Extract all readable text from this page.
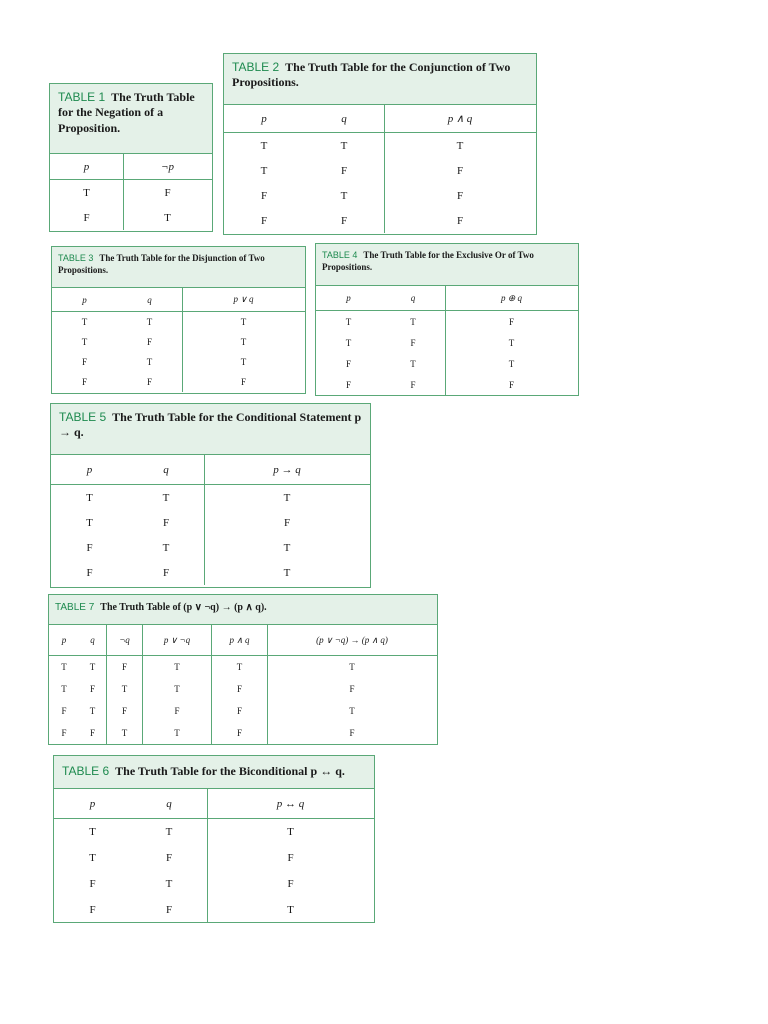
TABLE 1 The Truth Table for the Negation of a Proposition.
p	¬p
T	F
F	T
TABLE 2 The Truth Table for the Conjunction of Two Propositions.
p	q	p ∧ q
T	T	T
T	F	F
F	T	F
F	F	F
TABLE 3 The Truth Table for the Disjunction of Two Propositions.
p	q	p ∨ q
T	T	T
T	F	T
F	T	T
F	F	F
TABLE 4 The Truth Table for the Exclusive Or of Two Propositions.
p	q	p ⊕ q
T	T	F
T	F	T
F	T	T
F	F	F
TABLE 5 The Truth Table for the Conditional Statement p → q.
p	q	p → q
T	T	T
T	F	F
F	T	T
F	F	T
TABLE 7 The Truth Table of (p ∨ ¬q) → (p ∧ q).
p	q	¬q	p ∨ ¬q	p ∧ q	(p ∨ ¬q) → (p ∧ q)
T	T	F	T	T	T
T	F	T	T	F	F
F	T	F	F	F	T
F	F	T	T	F	F
TABLE 6 The Truth Table for the Biconditional p ↔ q.
p	q	p ↔ q
T	T	T
T	F	F
F	T	F
F	F	T
